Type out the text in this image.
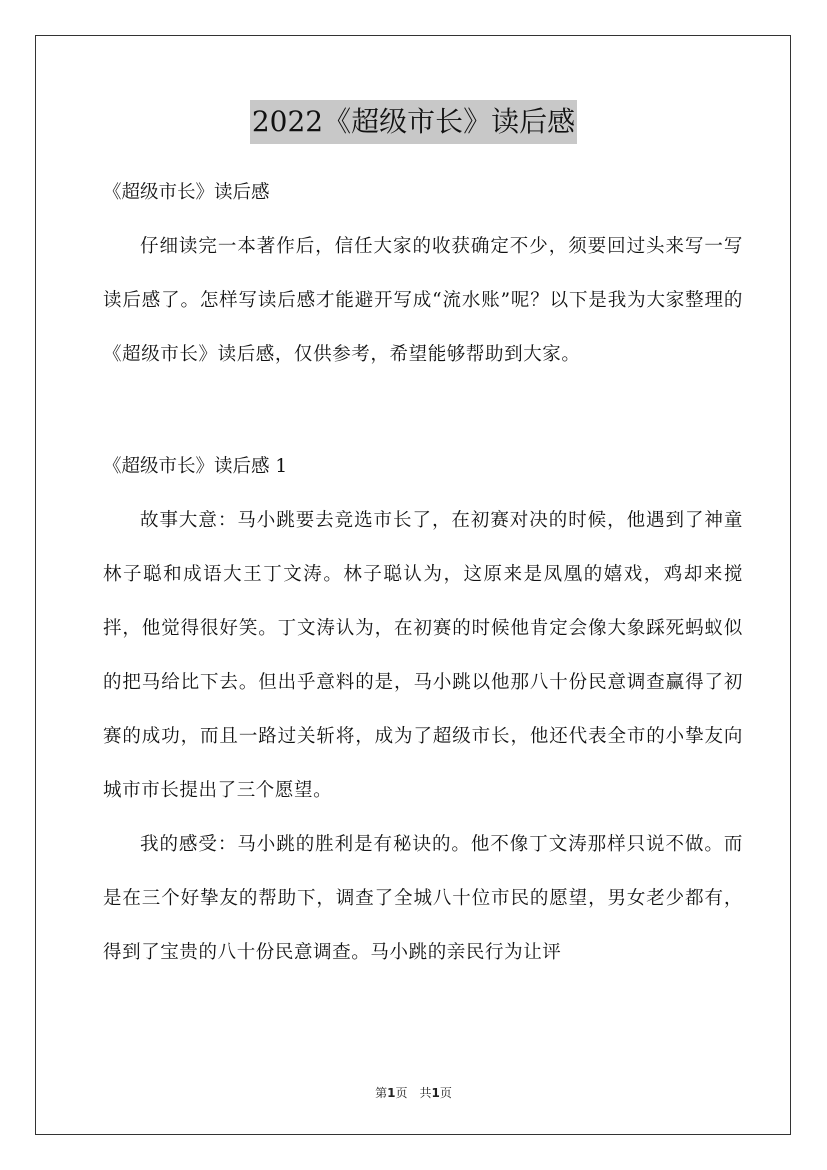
2022《超级市长》读后感

《超级市长》读后感

仔细读完一本著作后，信任大家的收获确定不少，须要回过头来写一写读后感了。怎样写读后感才能避开写成“流水账”呢？以下是我为大家整理的《超级市长》读后感，仅供参考，希望能够帮助到大家。

《超级市长》读后感 1

故事大意：马小跳要去竞选市长了，在初赛对决的时候，他遇到了神童林子聪和成语大王丁文涛。林子聪认为，这原来是凤凰的嬉戏，鸡却来搅拌，他觉得很好笑。丁文涛认为，在初赛的时候他肯定会像大象踩死蚂蚁似的把马给比下去。但出乎意料的是，马小跳以他那八十份民意调查赢得了初赛的成功，而且一路过关斩将，成为了超级市长，他还代表全市的小挚友向城市市长提出了三个愿望。

我的感受：马小跳的胜利是有秘诀的。他不像丁文涛那样只说不做。而是在三个好挚友的帮助下，调查了全城八十位市民的愿望，男女老少都有，得到了宝贵的八十份民意调查。马小跳的亲民行为让评

第1页　共1页
